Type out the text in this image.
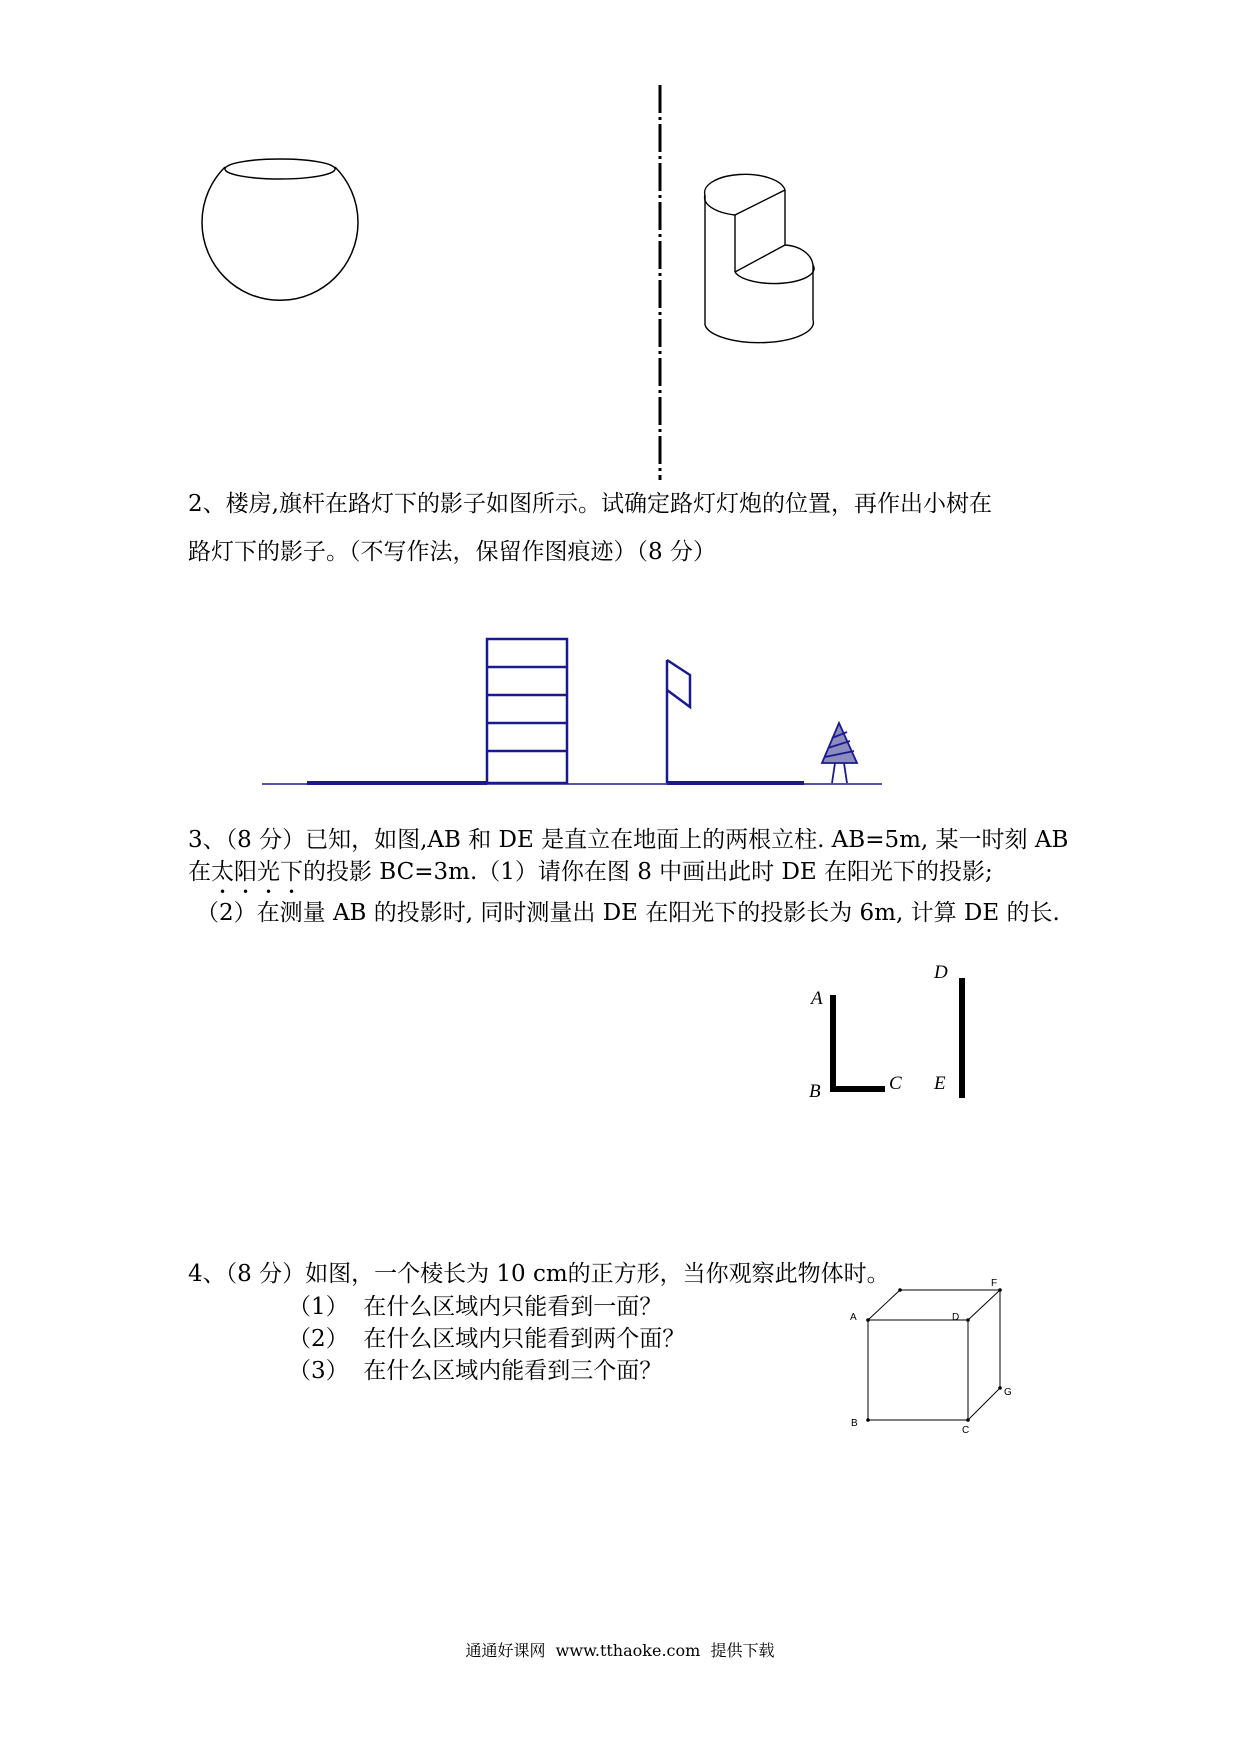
2、楼房,旗杆在路灯下的影子如图所示。试确定路灯灯炮的位置，再作出小树在
路灯下的影子。（不写作法，保留作图痕迹）（8 分）
3、（8 分）已知，如图,AB 和 DE 是直立在地面上的两根立柱. AB=5m, 某一时刻 AB
在太阳光下的投影 BC=3m.（1）请你在图 8 中画出此时 DE 在阳光下的投影;
（2）在测量 AB 的投影时, 同时测量出 DE 在阳光下的投影长为 6m, 计算 DE 的长.
A
B	C
D
E
4、（8 分）如图，一个棱长为 10 cm的正方形，当你观察此物体时。
（1） 在什么区域内只能看到一面？
（2） 在什么区域内只能看到两个面？
（3） 在什么区域内能看到三个面？
A	D
F
B
C
G
通通好课网  www.tthaoke.com  提供下载
